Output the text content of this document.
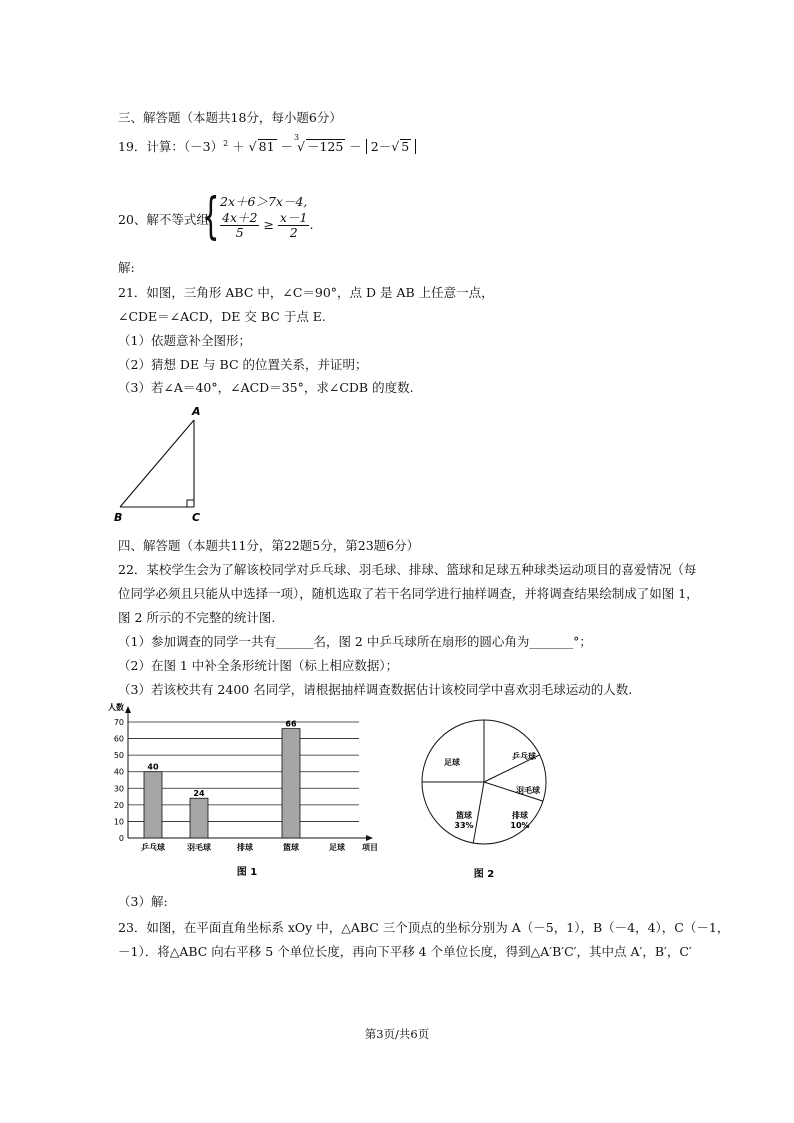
三、解答题（本题共18分，每小题6分）
19．计算：$(-3)^2$ ＋ √ 81 －
3
√ －125 － 2－√ 5
20、解不等式组
{ 2x＋6＞7x－4,
$\frac{4x+2}{5} \ge \frac{x-1}{2}$ .
解:
21．如图，三角形 ABC 中，∠C＝90°，点 D 是 AB 上任意一点，
∠CDE＝∠ACD，DE 交 BC 于点 E.
（1）依题意补全图形；
（2）猜想 DE 与 BC 的位置关系，并证明；
（3）若∠A＝40°，∠ACD＝35°，求∠CDB 的度数.
A
B	C
四、解答题（本题共11分，第22题5分，第23题6分）
22．某校学生会为了解该校同学对乒乓球、羽毛球、排球、篮球和足球五种球类运动项目的喜爱情况（每
位同学必须且只能从中选择一项），随机选取了若干名同学进行抽样调查，并将调查结果绘制成了如图 1，
图 2 所示的不完整的统计图.
（1）参加调查的同学一共有______名，图 2 中乒乓球所在扇形的圆心角为_______°；
（2）在图 1 中补全条形统计图（标上相应数据）；
（3）若该校共有 2400 名同学，请根据抽样调查数据估计该校同学中喜欢羽毛球运动的人数.
0
10
20
30
40
50
60
70
人数
项目
乒乓球
40
羽毛球
24
排球	篮球
66
足球
图 1
足球
乒乓球
羽毛球
排球
10%
篮球
33%
图 2
（3）解:
23．如图，在平面直角坐标系 xOy 中，△ABC 三个顶点的坐标分别为 A（－5，1），B（－4，4），C（－1，
－1）．将△ABC 向右平移 5 个单位长度，再向下平移 4 个单位长度，得到△A′B′C′，其中点 A′，B′，C′
第3页/共6页
